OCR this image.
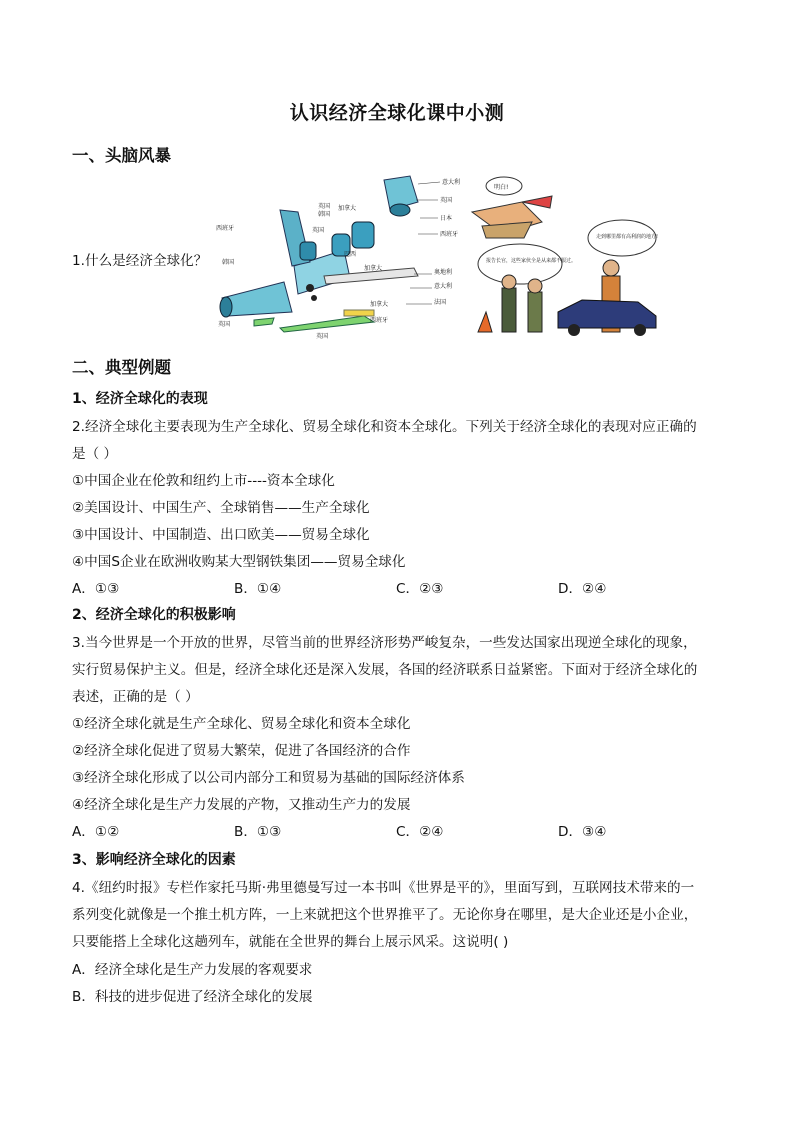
认识经济全球化课中小测
一、头脑风暴
1.什么是经济全球化？
意大利
英国
日本
西班牙
英国
韩国
英国
西班牙
加拿大
巴西
韩国
加拿大
奥地利
意大利
法国
加拿大
西班牙
英国
英国
明白!
报告长官，这些家伙全是从来都不服过。
走到哪里都有高利润的地方!
二、典型例题
1、经济全球化的表现
2.经济全球化主要表现为生产全球化、贸易全球化和资本全球化。下列关于经济全球化的表现对应正确的
是（ ）
①中国企业在伦敦和纽约上市----资本全球化
②美国设计、中国生产、全球销售——生产全球化
③中国设计、中国制造、出口欧美——贸易全球化
④中国S企业在欧洲收购某大型钢铁集团——贸易全球化
A．①③	B．①④	C．②③	D．②④
2、经济全球化的积极影响
3.当今世界是一个开放的世界，尽管当前的世界经济形势严峻复杂，一些发达国家出现逆全球化的现象，
实行贸易保护主义。但是，经济全球化还是深入发展，各国的经济联系日益紧密。下面对于经济全球化的
表述，正确的是（ ）
①经济全球化就是生产全球化、贸易全球化和资本全球化
②经济全球化促进了贸易大繁荣，促进了各国经济的合作
③经济全球化形成了以公司内部分工和贸易为基础的国际经济体系
④经济全球化是生产力发展的产物，又推动生产力的发展
A．①②	B．①③	C．②④	D．③④
3、影响经济全球化的因素
4.《纽约时报》专栏作家托马斯·弗里德曼写过一本书叫《世界是平的》，里面写到，互联网技术带来的一
系列变化就像是一个推土机方阵，一上来就把这个世界推平了。无论你身在哪里，是大企业还是小企业，
只要能搭上全球化这趟列车，就能在全世界的舞台上展示风采。这说明( )
A．经济全球化是生产力发展的客观要求
B．科技的进步促进了经济全球化的发展
